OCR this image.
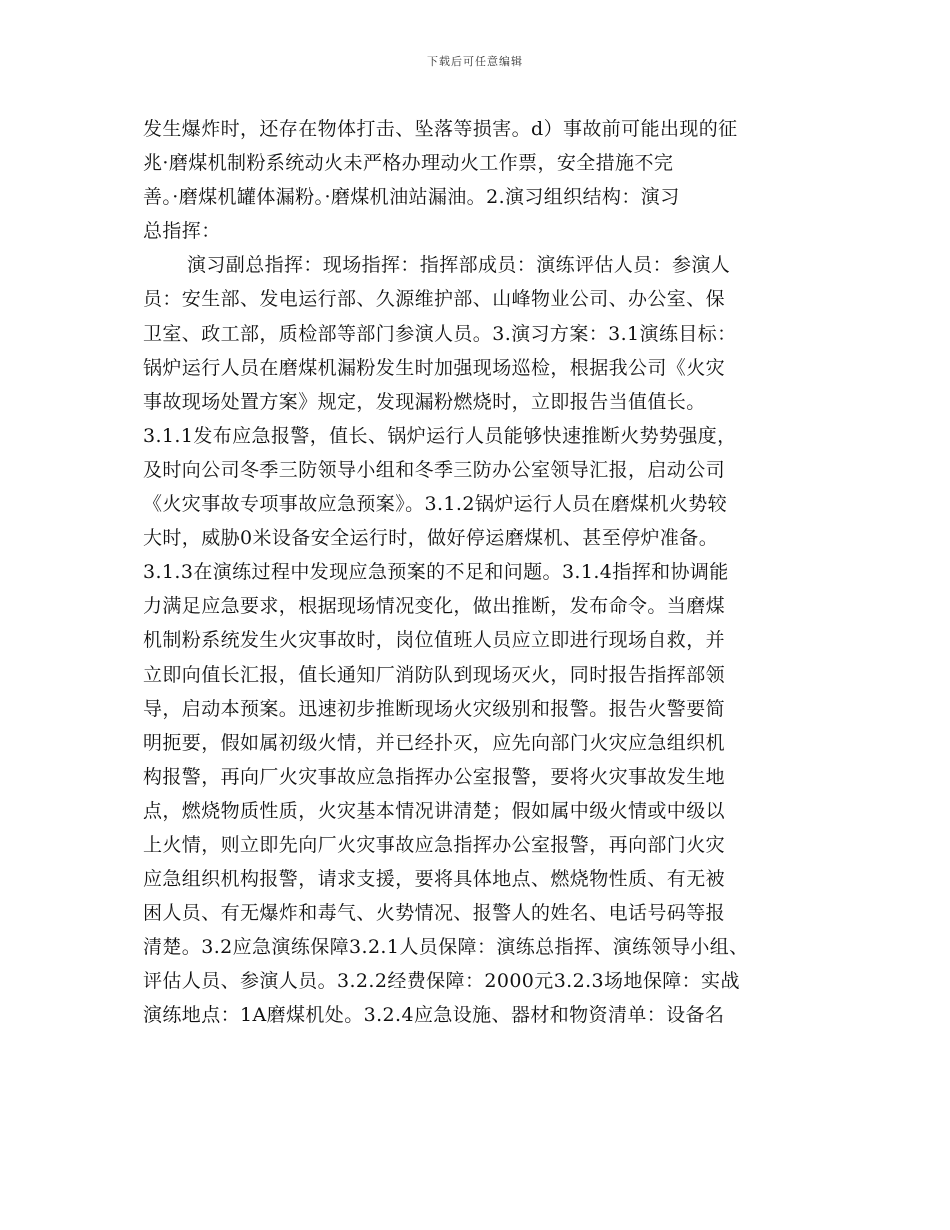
下载后可任意编辑
发生爆炸时，还存在物体打击、坠落等损害。d）事故前可能出现的征
兆·磨煤机制粉系统动火未严格办理动火工作票，安全措施不完
善。·磨煤机罐体漏粉。·磨煤机油站漏油。2.演习组织结构：演习
总指挥：
演习副总指挥：现场指挥：指挥部成员：演练评估人员：参演人
员：安生部、发电运行部、久源维护部、山峰物业公司、办公室、保
卫室、政工部，质检部等部门参演人员。3.演习方案：3.1演练目标：
锅炉运行人员在磨煤机漏粉发生时加强现场巡检，根据我公司《火灾
事故现场处置方案》规定，发现漏粉燃烧时，立即报告当值值长。
3.1.1发布应急报警，值长、锅炉运行人员能够快速推断火势势强度，
及时向公司冬季三防领导小组和冬季三防办公室领导汇报，启动公司
《火灾事故专项事故应急预案》。3.1.2锅炉运行人员在磨煤机火势较
大时，威胁0米设备安全运行时，做好停运磨煤机、甚至停炉准备。
3.1.3在演练过程中发现应急预案的不足和问题。3.1.4指挥和协调能
力满足应急要求，根据现场情况变化，做出推断，发布命令。当磨煤
机制粉系统发生火灾事故时，岗位值班人员应立即进行现场自救，并
立即向值长汇报，值长通知厂消防队到现场灭火，同时报告指挥部领
导，启动本预案。迅速初步推断现场火灾级别和报警。报告火警要简
明扼要，假如属初级火情，并已经扑灭，应先向部门火灾应急组织机
构报警，再向厂火灾事故应急指挥办公室报警，要将火灾事故发生地
点，燃烧物质性质，火灾基本情况讲清楚；假如属中级火情或中级以
上火情，则立即先向厂火灾事故应急指挥办公室报警，再向部门火灾
应急组织机构报警，请求支援，要将具体地点、燃烧物性质、有无被
困人员、有无爆炸和毒气、火势情况、报警人的姓名、电话号码等报
清楚。3.2应急演练保障3.2.1人员保障：演练总指挥、演练领导小组、
评估人员、参演人员。3.2.2经费保障：2000元3.2.3场地保障：实战
演练地点：1A磨煤机处。3.2.4应急设施、器材和物资清单：设备名
